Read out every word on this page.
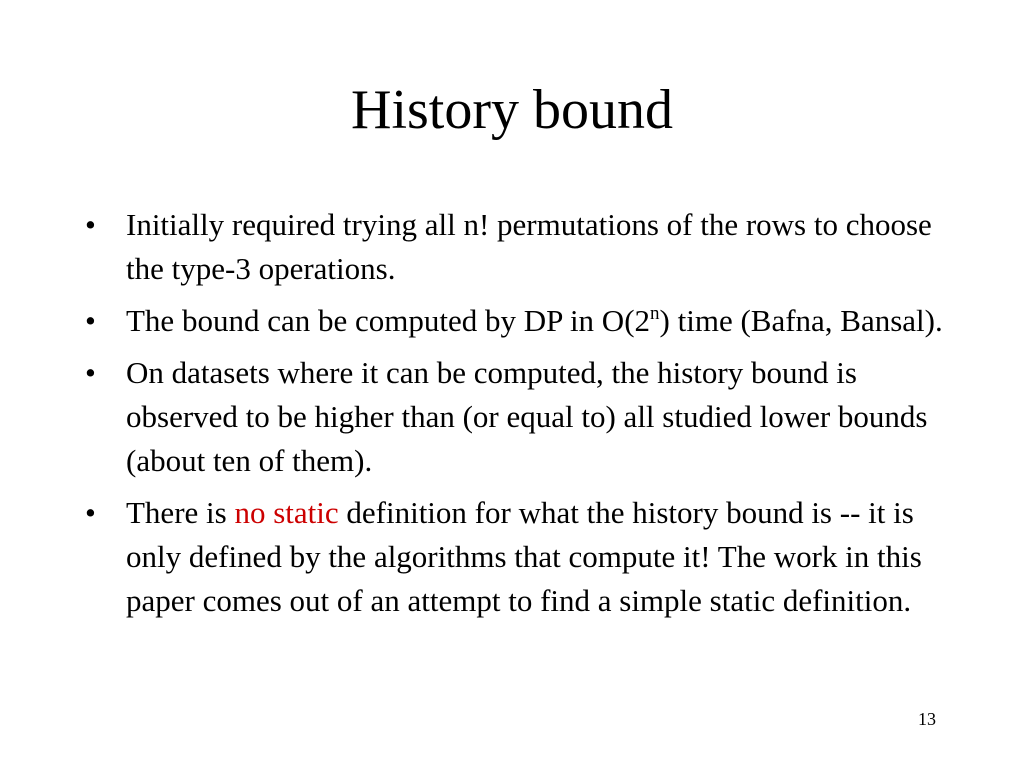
History bound
• Initially required trying all n! permutations of the rows to choose the type-3 operations.
• The bound can be computed by DP in O(2$^n$) time (Bafna, Bansal).
• On datasets where it can be computed, the history bound is observed to be higher than (or equal to) all studied lower bounds (about ten of them).
• There is no static definition for what the history bound is -- it is only defined by the algorithms that compute it! The work in this paper comes out of an attempt to find a simple static definition.
13
